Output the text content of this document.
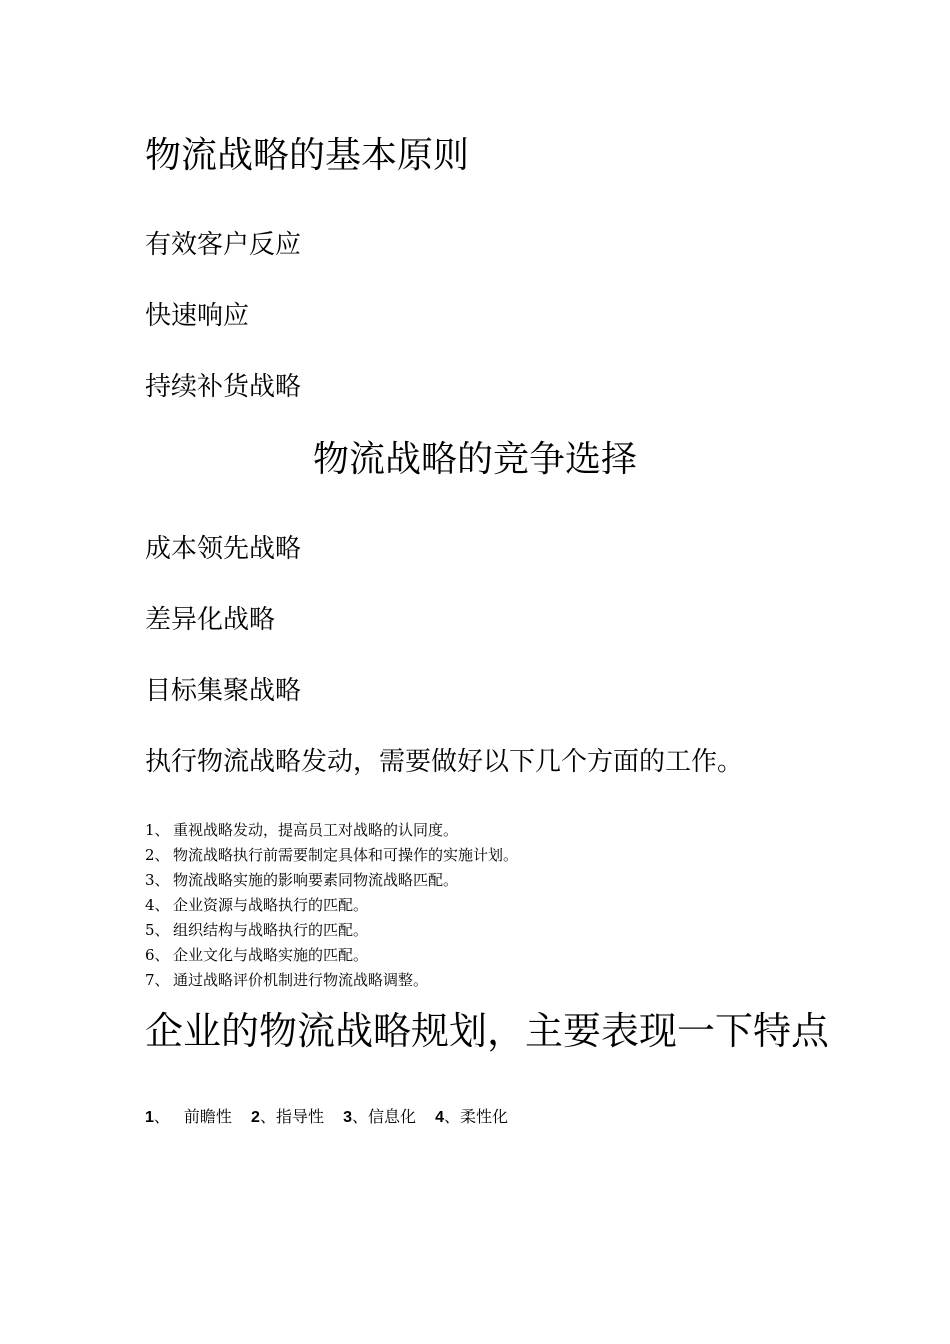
物流战略的基本原则
有效客户反应
快速响应
持续补货战略
物流战略的竞争选择
成本领先战略
差异化战略
目标集聚战略
执行物流战略发动，需要做好以下几个方面的工作。
1、 重视战略发动，提高员工对战略的认同度。
2、 物流战略执行前需要制定具体和可操作的实施计划。
3、 物流战略实施的影响要素同物流战略匹配。
4、 企业资源与战略执行的匹配。
5、 组织结构与战略执行的匹配。
6、 企业文化与战略实施的匹配。
7、 通过战略评价机制进行物流战略调整。
企业的物流战略规划，主要表现一下特点
1、 前瞻性 2、指导性 3、信息化 4、柔性化
